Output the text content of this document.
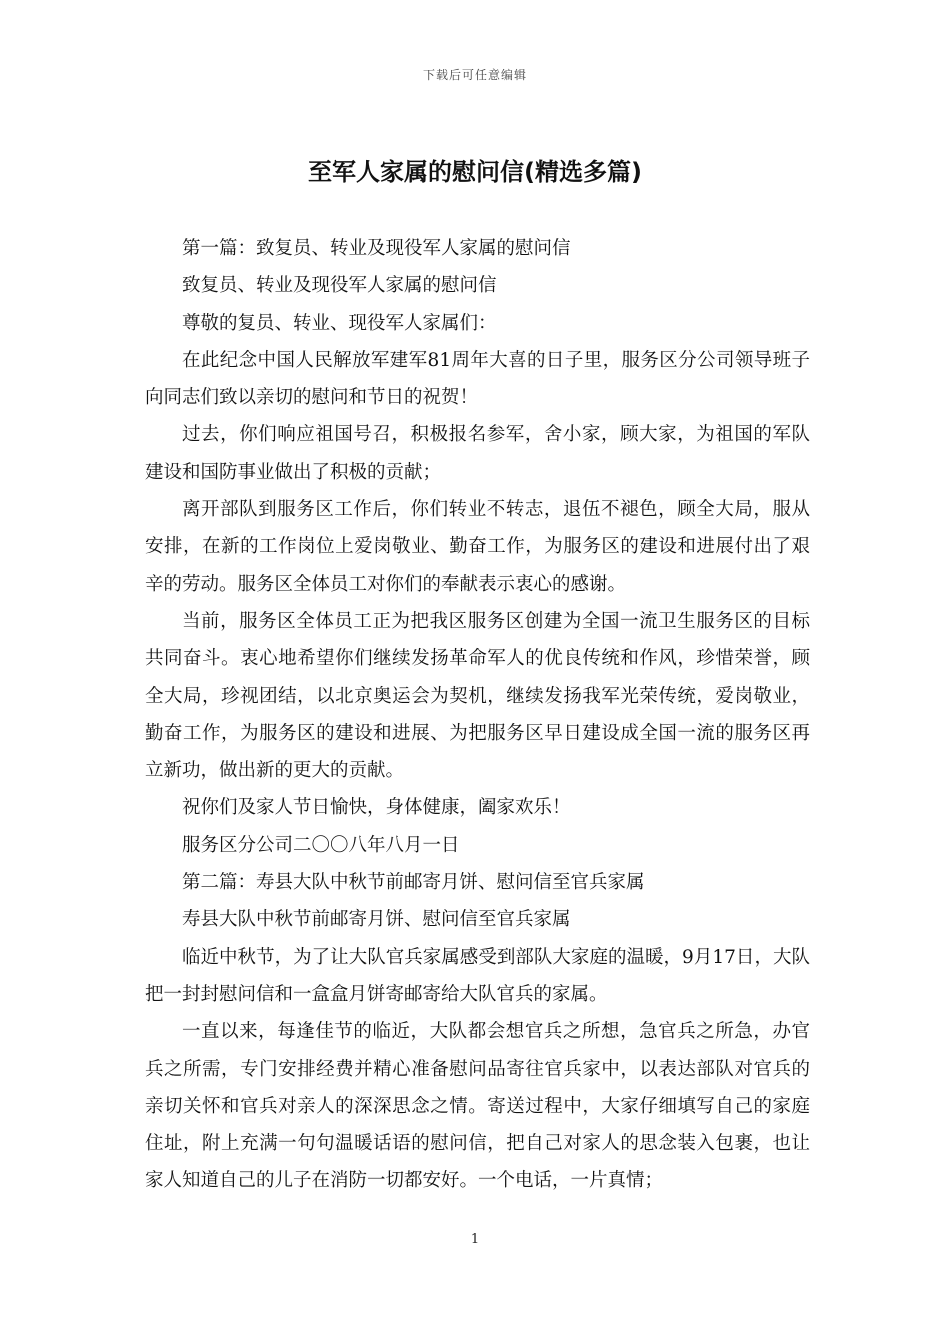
下载后可任意编辑
至军人家属的慰问信(精选多篇)

第一篇：致复员、转业及现役军人家属的慰问信

致复员、转业及现役军人家属的慰问信

尊敬的复员、转业、现役军人家属们：

在此纪念中国人民解放军建军81周年大喜的日子里，服务区分公司领导班子向同志们致以亲切的慰问和节日的祝贺！

过去，你们响应祖国号召，积极报名参军，舍小家，顾大家，为祖国的军队建设和国防事业做出了积极的贡献；

离开部队到服务区工作后，你们转业不转志，退伍不褪色，顾全大局，服从安排，在新的工作岗位上爱岗敬业、勤奋工作，为服务区的建设和进展付出了艰辛的劳动。服务区全体员工对你们的奉献表示衷心的感谢。

当前，服务区全体员工正为把我区服务区创建为全国一流卫生服务区的目标共同奋斗。衷心地希望你们继续发扬革命军人的优良传统和作风，珍惜荣誉，顾全大局，珍视团结，以北京奥运会为契机，继续发扬我军光荣传统，爱岗敬业，勤奋工作，为服务区的建设和进展、为把服务区早日建设成全国一流的服务区再立新功，做出新的更大的贡献。

祝你们及家人节日愉快，身体健康，阖家欢乐！

服务区分公司二〇〇八年八月一日

第二篇：寿县大队中秋节前邮寄月饼、慰问信至官兵家属

寿县大队中秋节前邮寄月饼、慰问信至官兵家属

临近中秋节，为了让大队官兵家属感受到部队大家庭的温暖，9月17日，大队把一封封慰问信和一盒盒月饼寄邮寄给大队官兵的家属。

一直以来，每逢佳节的临近，大队都会想官兵之所想，急官兵之所急，办官兵之所需，专门安排经费并精心准备慰问品寄往官兵家中，以表达部队对官兵的亲切关怀和官兵对亲人的深深思念之情。寄送过程中，大家仔细填写自己的家庭住址，附上充满一句句温暖话语的慰问信，把自己对家人的思念装入包裹，也让家人知道自己的儿子在消防一切都安好。一个电话，一片真情；

1
